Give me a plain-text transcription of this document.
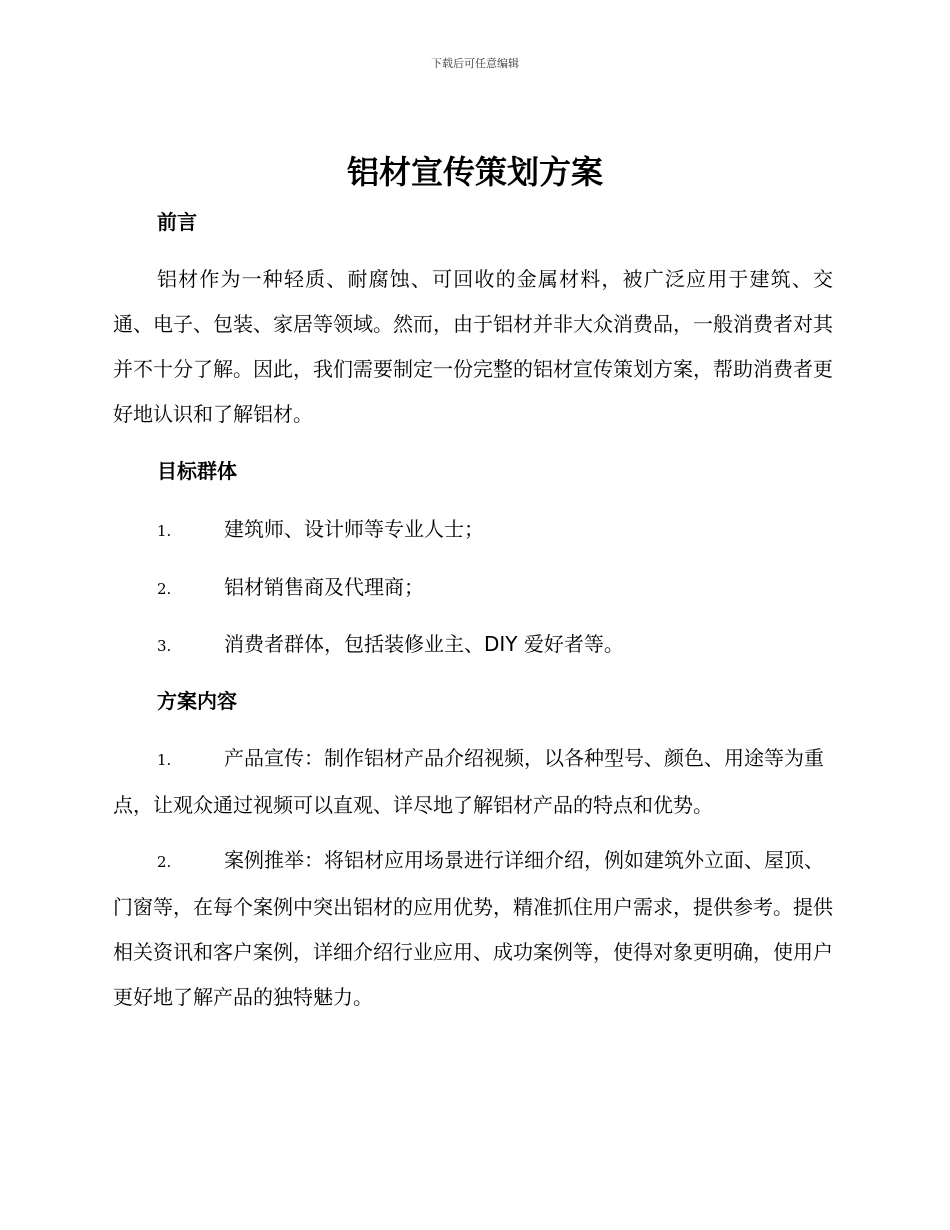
下载后可任意编辑
铝材宣传策划方案
前言

铝材作为一种轻质、耐腐蚀、可回收的金属材料，被广泛应用于建筑、交通、电子、包装、家居等领域。然而，由于铝材并非大众消费品，一般消费者对其并不十分了解。因此，我们需要制定一份完整的铝材宣传策划方案，帮助消费者更好地认识和了解铝材。

目标群体

1.	建筑师、设计师等专业人士；

2.	铝材销售商及代理商；

3.	消费者群体，包括装修业主、DIY 爱好者等。

方案内容

1.	产品宣传：制作铝材产品介绍视频，以各种型号、颜色、用途等为重点，让观众通过视频可以直观、详尽地了解铝材产品的特点和优势。

2.	案例推举：将铝材应用场景进行详细介绍，例如建筑外立面、屋顶、门窗等，在每个案例中突出铝材的应用优势，精准抓住用户需求，提供参考。提供相关资讯和客户案例，详细介绍行业应用、成功案例等，使得对象更明确，使用户更好地了解产品的独特魅力。
